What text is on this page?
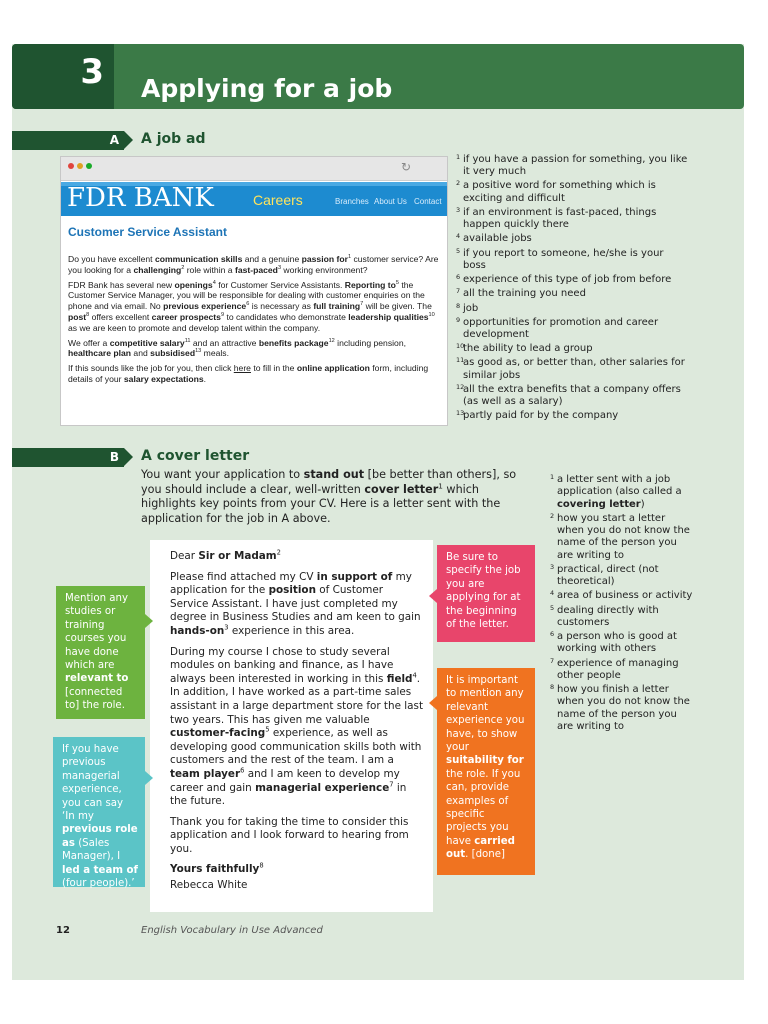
3	Applying for a job
A	A job ad
↻
FDR BANK	Careers	Branches About Us Contact
Customer Service Assistant

Do you have excellent communication skills and a genuine passion for$^1$ customer service? Are you looking for a challenging$^2$ role within a fast-paced$^3$ working environment?

FDR Bank has several new openings$^4$ for Customer Service Assistants. Reporting $to^5$ the Customer Service Manager, you will be responsible for dealing with customer enquiries on the phone and via email. No previous experience$^6$ is necessary as full training$^7$ will be given. The post$^8$ offers excellent career prospects$^9$ to candidates who demonstrate leadership qualities$^{10}$ as we are keen to promote and develop talent within the company.

We offer a competitive salary$^{11}$ and an attractive benefits package$^{12}$ including pension, healthcare plan and subsidised$^{13}$ meals.

If this sounds like the job for you, then click here to fill in the online application form, including details of your salary expectations.

1 if you have a passion for something, you like it very much
2 a positive word for something which is exciting and difficult
3 if an environment is fast-paced, things happen quickly there
4 available jobs
5 if you report to someone, he/she is your boss
6 experience of this type of job from before
7 all the training you need
8 job
9 opportunities for promotion and career development
10
the ability to lead a group
11
as good as, or better than, other salaries for similar jobs
12
all the extra benefits that a company offers (as well as a salary)
13
partly paid for by the company
B	A cover letter
You want your application to stand out [be better than others], so you should include a clear, well-written cover letter$^1$ which highlights key points from your CV. Here is a letter sent with the application for the job in A above.
1 a letter sent with a job application (also called a covering letter)
2 how you start a letter when you do not know the name of the person you are writing to
3 practical, direct (not theoretical)
4 area of business or activity
5 dealing directly with customers
6 a person who is good at working with others
7 experience of managing other people
8 how you finish a letter when you do not know the name of the person you are writing to

Dear Sir or Madam$^2$

Please find attached my CV in support of my application for the position of Customer Service Assistant. I have just completed my degree in Business Studies and am keen to gain hands-$on^3$ experience in this area.

During my course I chose to study several modules on banking and finance, as I have always been interested in working in this field$^4$. In addition, I have worked as a part-time sales assistant in a large department store for the last two years. This has given me valuable customer-facing$^5$ experience, as well as developing good communication skills both with customers and the rest of the team. I am a team player$^6$ and I am keen to develop my career and gain managerial experience$^7$ in the future.

Thank you for taking the time to consider this application and I look forward to hearing from you.

Yours faithfully$^8$

Rebecca White

Mention any studies or training courses you have done which are relevant to [connected to] the role.
If you have previous managerial experience, you can say ‘In my previous role as (Sales Manager), I led a team of (four people).’
Be sure to specify the job you are applying for at the beginning of the letter.
It is important to mention any relevant experience you have, to show your suitability for the role. If you can, provide examples of specific projects you have carried out. [done]
12	English Vocabulary in Use Advanced
